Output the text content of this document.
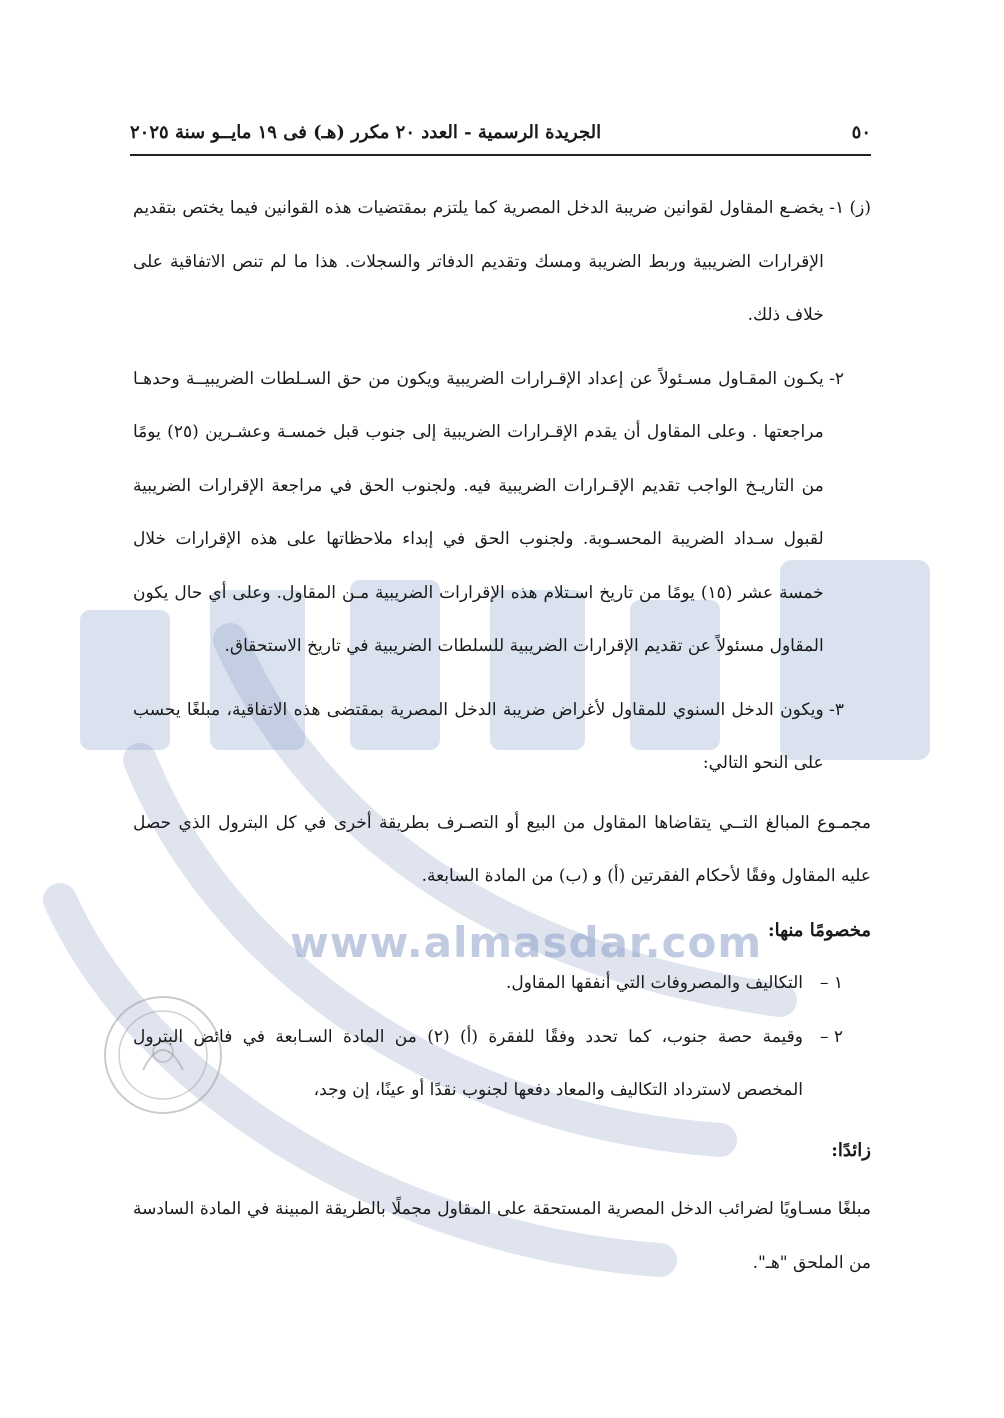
www.almasdar.com
٥٠
الجريدة الرسمية - العدد ٢٠ مكرر (هـ) فى ١٩ مايــو سنة ٢٠٢٥
(ز) ١-
يخضـع المقاول لقوانين ضريبة الدخل المصرية كما يلتزم بمقتضيات هذه القوانين فيما يختص بتقديم الإقرارات الضريبية وربط الضريبة ومسك وتقديم الدفاتر والسجلات. هذا ما لم تنص الاتفاقية على خلاف ذلك.
٢-
يكـون المقـاول مسـئولاً عن إعداد الإقـرارات الضريبية ويكون من حق السـلطات الضريبيــة وحدهـا مراجعتها . وعلى المقاول أن يقدم الإقـرارات الضريبية إلى جنوب قبل خمسـة وعشـرين (٢٥) يومًا من التاريـخ الواجب تقديم الإقـرارات الضريبية فيه. ولجنوب الحق في مراجعة الإقرارات الضريبية لقبول سـداد الضريبة المحسـوبة. ولجنوب الحق في إبداء ملاحظاتها على هذه الإقرارات خلال خمسة عشر (١٥) يومًا من تاريخ اسـتلام هذه الإقرارات الضريبية مـن المقاول. وعلى أي حال يكون المقاول مسئولاً عن تقديم الإقرارات الضريبية للسلطات الضريبية في تاريخ الاستحقاق.
٣-
ويكون الدخل السنوي للمقاول لأغراض ضريبة الدخل المصرية بمقتضى هذه الاتفاقية، مبلغًا يحسب على النحو التالي:

مجمـوع المبالغ التــي يتقاضاها المقاول من البيع أو التصـرف بطريقة أخرى في كل البترول الذي حصل عليه المقاول وفقًا لأحكام الفقرتين (أ) و (ب) من المادة السابعة.

مخصومًا منها:

١ –
التكاليف والمصروفات التي أنفقها المقاول.
٢ –
وقيمة حصة جنوب، كما تحدد وفقًا للفقرة (أ) (٢) من المادة السـابعة في فائض البترول المخصص لاسترداد التكاليف والمعاد دفعها لجنوب نقدًا أو عينًا، إن وجد،

زائدًا:

مبلغًا مسـاويًا لضرائب الدخل المصرية المستحقة على المقاول مجملًا بالطريقة المبينة في المادة السادسة من الملحق "هـ".
